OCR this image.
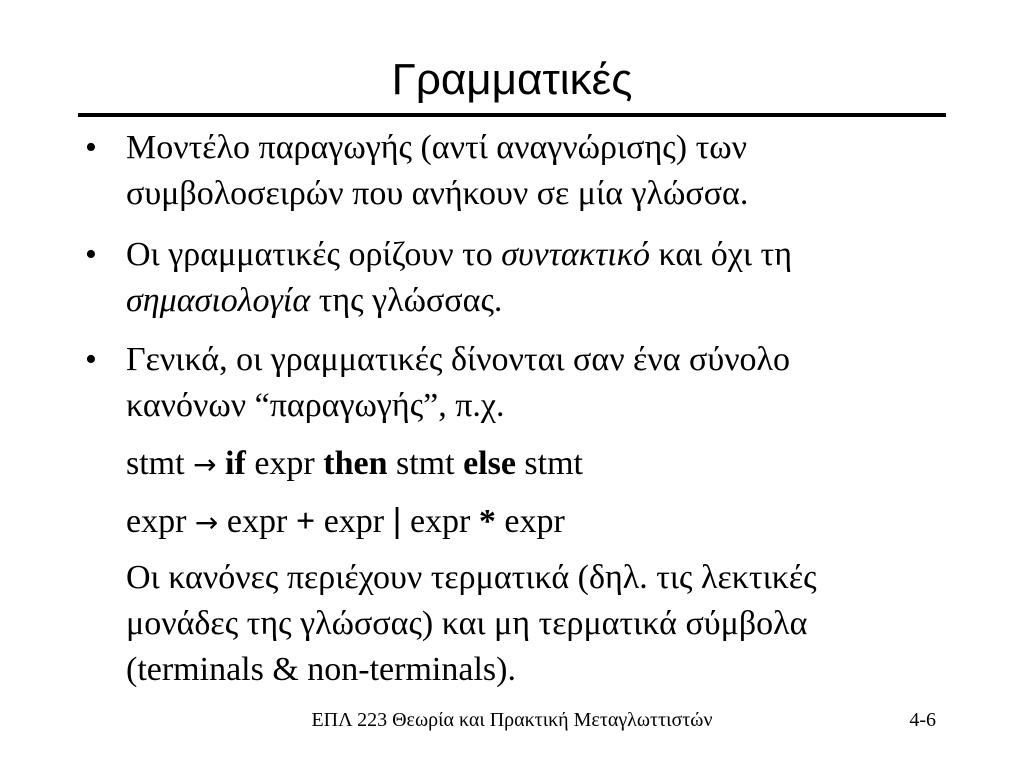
Γραμματικές
• Μοντέλο παραγωγής (αντί αναγνώρισης) των
συμβολοσειρών που ανήκουν σε μία γλώσσα.
• Οι γραμματικές ορίζουν το συντακτικό και όχι τη
σημασιολογία της γλώσσας.
• Γενικά, οι γραμματικές δίνονται σαν ένα σύνολο
κανόνων “παραγωγής”, π.χ.
stmt → if expr then stmt else stmt
expr → expr + expr | expr * expr
Οι κανόνες περιέχουν τερματικά (δηλ. τις λεκτικές
μονάδες της γλώσσας) και μη τερματικά σύμβολα
(terminals & non-terminals).
ΕΠΛ 223 Θεωρία και Πρακτική Μεταγλωττιστών	4-6
